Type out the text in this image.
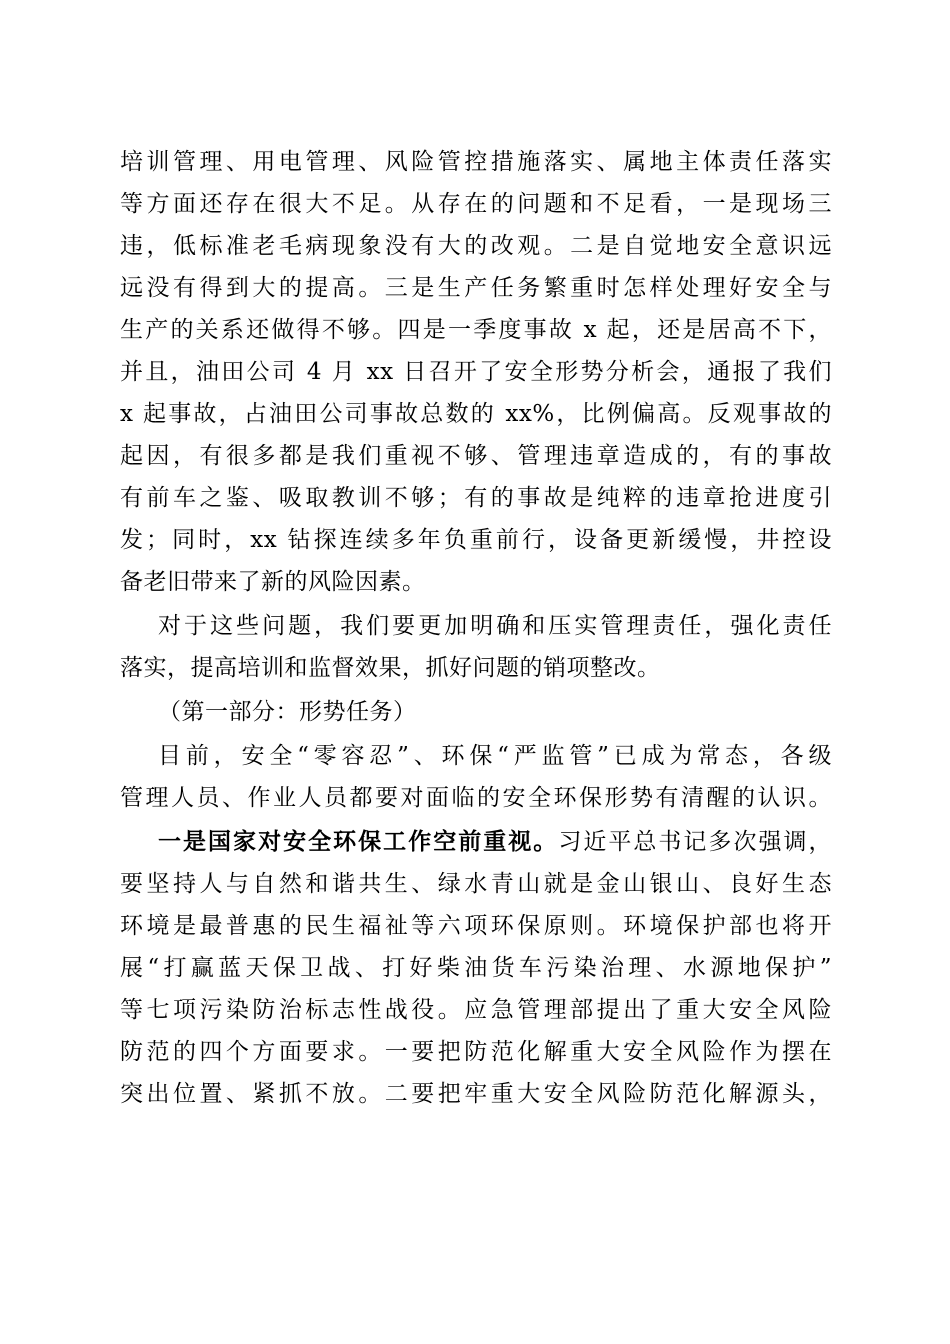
培训管理、用电管理、风险管控措施落实、属地主体责任落实
等方面还存在很大不足。从存在的问题和不足看，一是现场三
违，低标准老毛病现象没有大的改观。二是自觉地安全意识远
远没有得到大的提高。三是生产任务繁重时怎样处理好安全与
生产的关系还做得不够。四是一季度事故 x 起，还是居高不下，
并且，油田公司 4 月 xx 日召开了安全形势分析会，通报了我们
x 起事故，占油田公司事故总数的 xx%，比例偏高。反观事故的
起因，有很多都是我们重视不够、管理违章造成的，有的事故
有前车之鉴、吸取教训不够；有的事故是纯粹的违章抢进度引
发；同时，xx 钻探连续多年负重前行，设备更新缓慢，井控设
备老旧带来了新的风险因素。
对于这些问题，我们要更加明确和压实管理责任，强化责任
落实，提高培训和监督效果，抓好问题的销项整改。
（第一部分：形势任务）
目前，安全“零容忍”、环保“严监管”已成为常态，各级
管理人员、作业人员都要对面临的安全环保形势有清醒的认识。
一是国家对安全环保工作空前重视。习近平总书记多次强调，
要坚持人与自然和谐共生、绿水青山就是金山银山、良好生态
环境是最普惠的民生福祉等六项环保原则。环境保护部也将开
展“打赢蓝天保卫战、打好柴油货车污染治理、水源地保护”
等七项污染防治标志性战役。应急管理部提出了重大安全风险
防范的四个方面要求。一要把防范化解重大安全风险作为摆在
突出位置、紧抓不放。二要把牢重大安全风险防范化解源头，
